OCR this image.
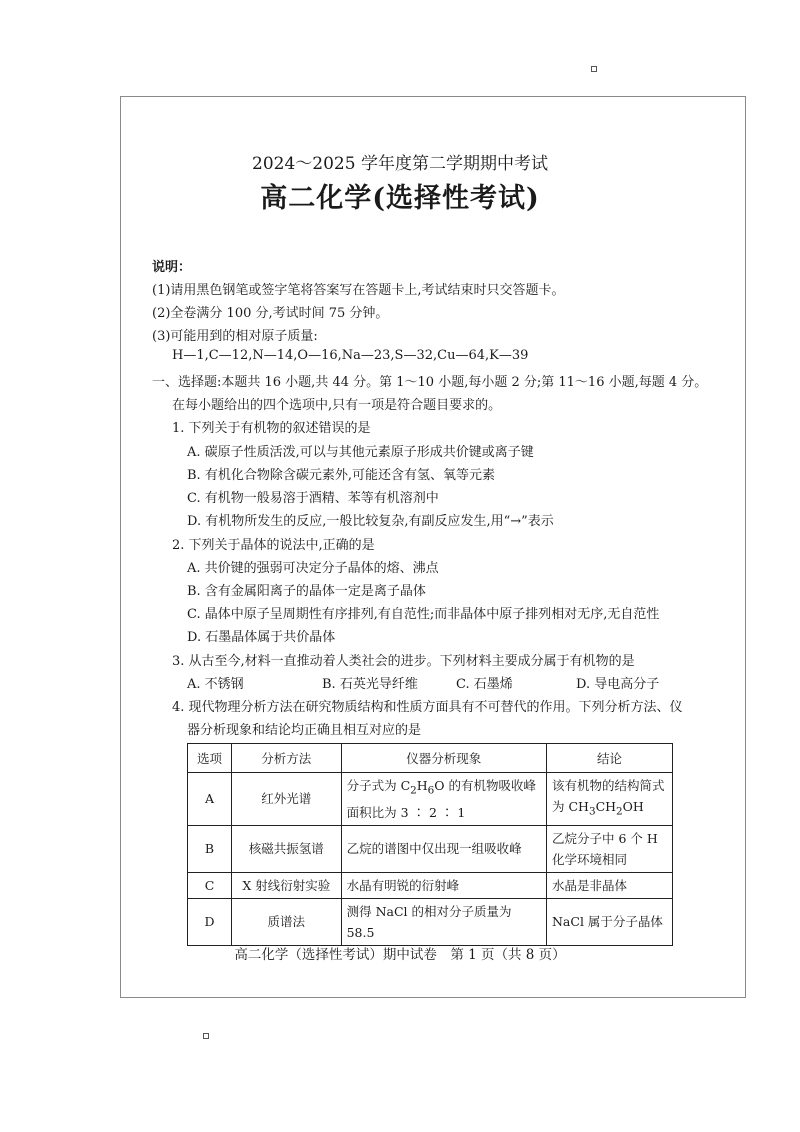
2024～2025 学年度第二学期期中考试
高二化学(选择性考试)
说明：
(1)请用黑色钢笔或签字笔将答案写在答题卡上,考试结束时只交答题卡。
(2)全卷满分 100 分,考试时间 75 分钟。
(3)可能用到的相对原子质量:
H—1,C—12,N—14,O—16,Na—23,S—32,Cu—64,K—39
一、选择题:本题共 16 小题,共 44 分。第 1～10 小题,每小题 2 分;第 11～16 小题,每题 4 分。
在每小题给出的四个选项中,只有一项是符合题目要求的。
1. 下列关于有机物的叙述错误的是
A. 碳原子性质活泼,可以与其他元素原子形成共价键或离子键
B. 有机化合物除含碳元素外,可能还含有氢、氧等元素
C. 有机物一般易溶于酒精、苯等有机溶剂中
D. 有机物所发生的反应,一般比较复杂,有副反应发生,用“→”表示
2. 下列关于晶体的说法中,正确的是
A. 共价键的强弱可决定分子晶体的熔、沸点
B. 含有金属阳离子的晶体一定是离子晶体
C. 晶体中原子呈周期性有序排列,有自范性;而非晶体中原子排列相对无序,无自范性
D. 石墨晶体属于共价晶体
3. 从古至今,材料一直推动着人类社会的进步。下列材料主要成分属于有机物的是
A. 不锈钢	B. 石英光导纤维	C. 石墨烯	D. 导电高分子
4. 现代物理分析方法在研究物质结构和性质方面具有不可替代的作用。下列分析方法、仪
器分析现象和结论均正确且相互对应的是
选项	分析方法	仪器分析现象	结论
A	红外光谱	分子式为 $C_2H_6O$ 的有机物吸收峰面积比为 3 ∶ 2 ∶ 1	该有机物的结构简式为 $CH_3CH_2OH$
B	核磁共振氢谱	乙烷的谱图中仅出现一组吸收峰	乙烷分子中 6 个 H 化学环境相同
C	X 射线衍射实验	水晶有明锐的衍射峰	水晶是非晶体
D	质谱法	测得 NaCl 的相对分子质量为 58.5	NaCl 属于分子晶体
高二化学（选择性考试）期中试卷　第 1 页（共 8 页）
